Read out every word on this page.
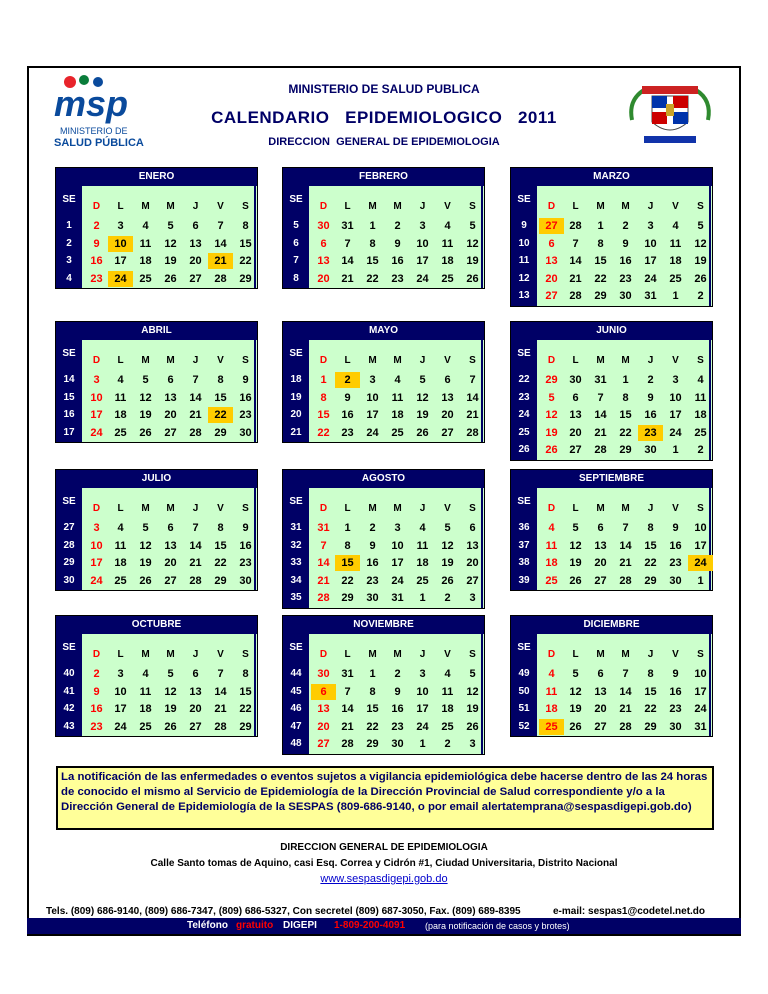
msp
MINISTERIO DE
SALUD PÚBLICA
MINISTERIO DE SALUD PUBLICA
CALENDARIO   EPIDEMIOLOGICO   2011
DIRECCION  GENERAL DE EPIDEMIOLOGIA
ENERO
SE
D	L	M	M	J	V	S
1	2	3	4	5	6	7	8
2	9	10	11	12	13	14	15
3	16	17	18	19	20	21	22
4	23	24	25	26	27	28	29
FEBRERO
SE
D	L	M	M	J	V	S
5	30	31	1	2	3	4	5
6	6	7	8	9	10	11	12
7	13	14	15	16	17	18	19
8	20	21	22	23	24	25	26
MARZO
SE
D	L	M	M	J	V	S
9	27	28	1	2	3	4	5
10	6	7	8	9	10	11	12
11	13	14	15	16	17	18	19
12	20	21	22	23	24	25	26
13	27	28	29	30	31	1	2
ABRIL
SE
D	L	M	M	J	V	S
14	3	4	5	6	7	8	9
15	10	11	12	13	14	15	16
16	17	18	19	20	21	22	23
17	24	25	26	27	28	29	30
MAYO
SE
D	L	M	M	J	V	S
18	1	2	3	4	5	6	7
19	8	9	10	11	12	13	14
20	15	16	17	18	19	20	21
21	22	23	24	25	26	27	28
JUNIO
SE
D	L	M	M	J	V	S
22	29	30	31	1	2	3	4
23	5	6	7	8	9	10	11
24	12	13	14	15	16	17	18
25	19	20	21	22	23	24	25
26	26	27	28	29	30	1	2
JULIO
SE
D	L	M	M	J	V	S
27	3	4	5	6	7	8	9
28	10	11	12	13	14	15	16
29	17	18	19	20	21	22	23
30	24	25	26	27	28	29	30
AGOSTO
SE
D	L	M	M	J	V	S
31	31	1	2	3	4	5	6
32	7	8	9	10	11	12	13
33	14	15	16	17	18	19	20
34	21	22	23	24	25	26	27
35	28	29	30	31	1	2	3
SEPTIEMBRE
SE
D	L	M	M	J	V	S
36	4	5	6	7	8	9	10
37	11	12	13	14	15	16	17
38	18	19	20	21	22	23	24
39	25	26	27	28	29	30	1
OCTUBRE
SE
D	L	M	M	J	V	S
40	2	3	4	5	6	7	8
41	9	10	11	12	13	14	15
42	16	17	18	19	20	21	22
43	23	24	25	26	27	28	29
NOVIEMBRE
SE
D	L	M	M	J	V	S
44	30	31	1	2	3	4	5
45	6	7	8	9	10	11	12
46	13	14	15	16	17	18	19
47	20	21	22	23	24	25	26
48	27	28	29	30	1	2	3
DICIEMBRE
SE
D	L	M	M	J	V	S
49	4	5	6	7	8	9	10
50	11	12	13	14	15	16	17
51	18	19	20	21	22	23	24
52	25	26	27	28	29	30	31
La notificación de las enfermedades o eventos sujetos a vigilancia epidemiológica debe hacerse dentro de las 24 horas de conocido el mismo al Servicio de Epidemiología de la Dirección Provincial de Salud correspondiente y/o a la Dirección General de Epidemiología de la SESPAS (809-686-9140, o por email alertatemprana@sespasdigepi.gob.do)
DIRECCION GENERAL DE EPIDEMIOLOGIA
Calle Santo tomas de Aquino, casi Esq. Correa y Cidrón #1, Ciudad Universitaria, Distrito Nacional
www.sespasdigepi.gob.do
Tels. (809) 686-9140, (809) 686-7347, (809) 686-5327, Con secretel (809) 687-3050, Fax. (809) 689-8395	e-mail: sespas1@codetel.net.do
Teléfono gratuito DIGEPI 1-809-200-4091 (para notificación de casos y brotes)
